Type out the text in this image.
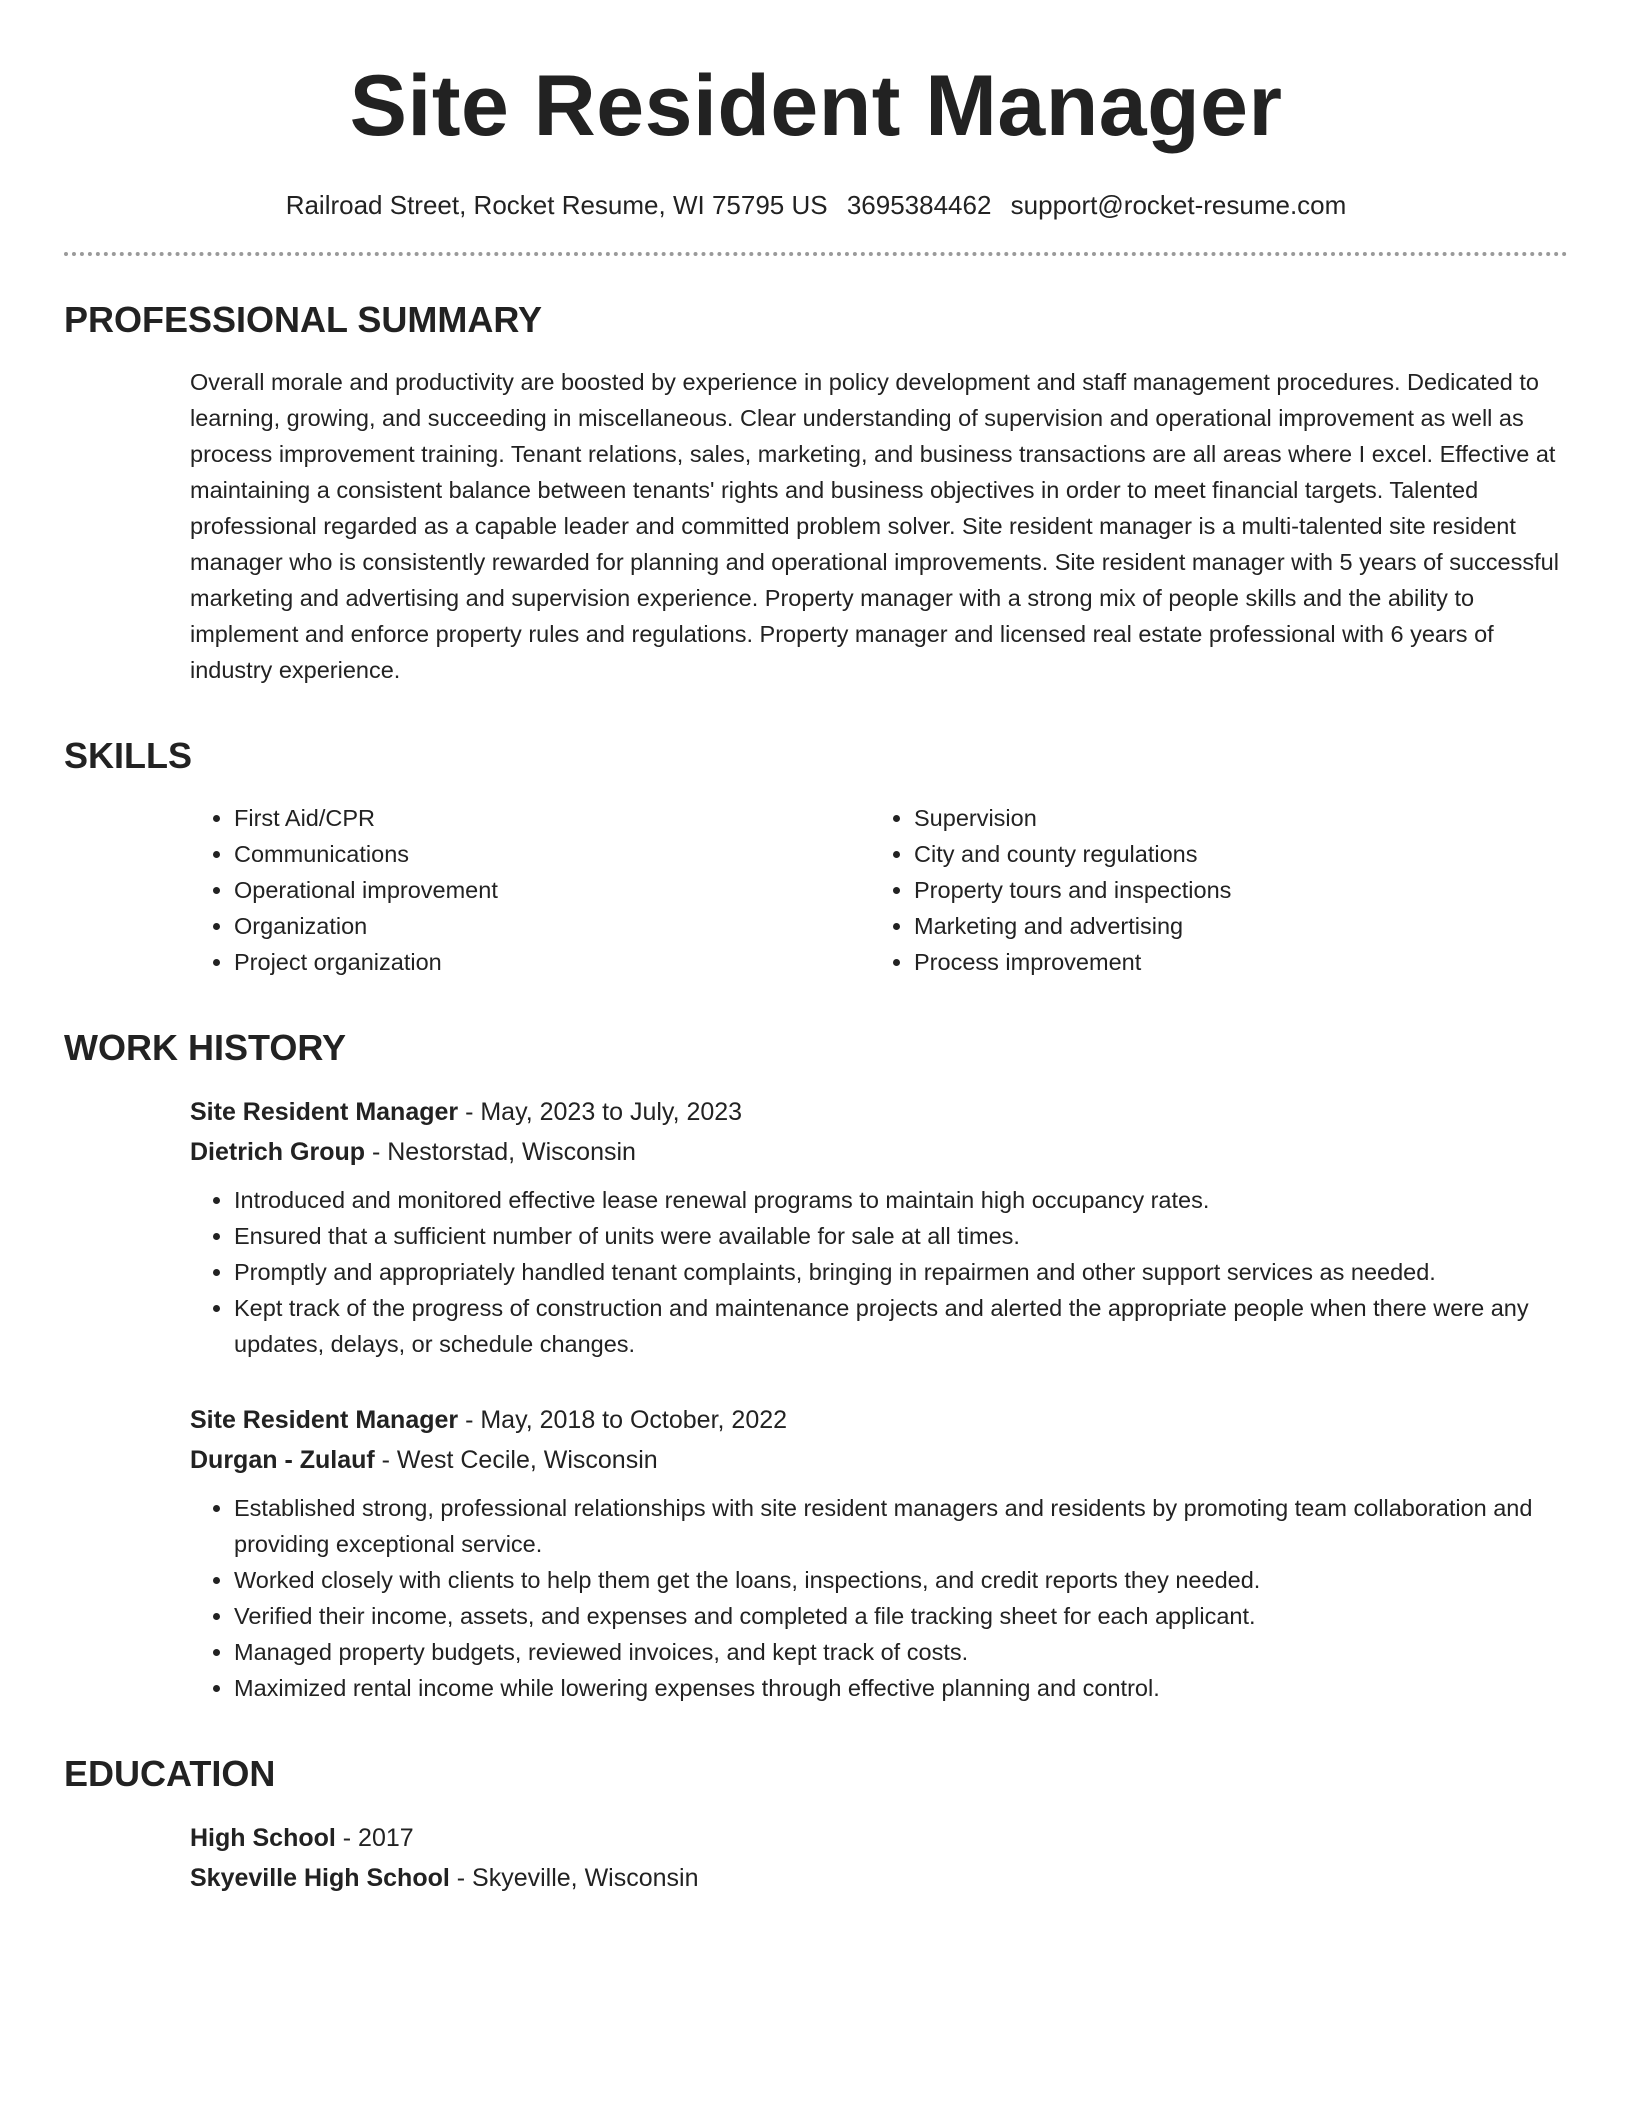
Site Resident Manager
Railroad Street, Rocket Resume, WI 75795 US 3695384462 support@rocket-resume.com
PROFESSIONAL SUMMARY
Overall morale and productivity are boosted by experience in policy development and staff management procedures. Dedicated to learning, growing, and succeeding in miscellaneous. Clear understanding of supervision and operational improvement as well as process improvement training. Tenant relations, sales, marketing, and business transactions are all areas where I excel. Effective at maintaining a consistent balance between tenants' rights and business objectives in order to meet financial targets. Talented professional regarded as a capable leader and committed problem solver. Site resident manager is a multi-talented site resident manager who is consistently rewarded for planning and operational improvements. Site resident manager with 5 years of successful marketing and advertising and supervision experience. Property manager with a strong mix of people skills and the ability to implement and enforce property rules and regulations. Property manager and licensed real estate professional with 6 years of industry experience.
SKILLS
• First Aid/CPR
• Communications
• Operational improvement
• Organization
• Project organization
• Supervision
• City and county regulations
• Property tours and inspections
• Marketing and advertising
• Process improvement
WORK HISTORY
Site Resident Manager - May, 2023 to July, 2023
Dietrich Group - Nestorstad, Wisconsin
• Introduced and monitored effective lease renewal programs to maintain high occupancy rates.
• Ensured that a sufficient number of units were available for sale at all times.
• Promptly and appropriately handled tenant complaints, bringing in repairmen and other support services as needed.
• Kept track of the progress of construction and maintenance projects and alerted the appropriate people when there were any updates, delays, or schedule changes.
Site Resident Manager - May, 2018 to October, 2022
Durgan - Zulauf - West Cecile, Wisconsin
• Established strong, professional relationships with site resident managers and residents by promoting team collaboration and providing exceptional service.
• Worked closely with clients to help them get the loans, inspections, and credit reports they needed.
• Verified their income, assets, and expenses and completed a file tracking sheet for each applicant.
• Managed property budgets, reviewed invoices, and kept track of costs.
• Maximized rental income while lowering expenses through effective planning and control.
EDUCATION
High School - 2017
Skyeville High School - Skyeville, Wisconsin
